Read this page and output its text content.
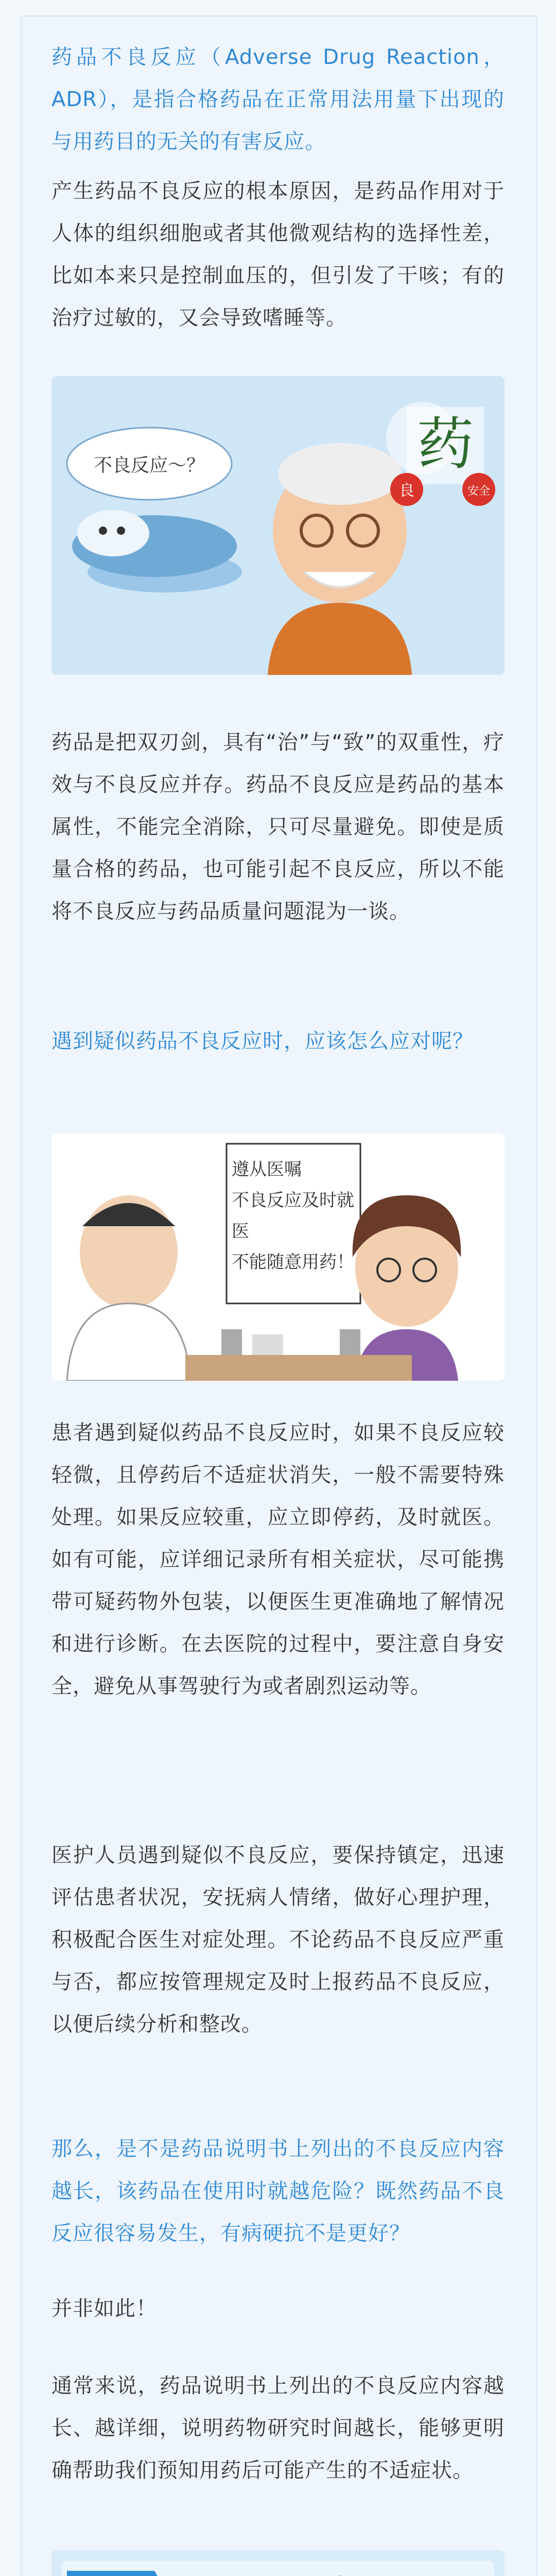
药品不良反应（Adverse Drug Reaction，ADR），是指合格药品在正常用法用量下出现的与用药目的无关的有害反应。

产生药品不良反应的根本原因，是药品作用对于人体的组织细胞或者其他微观结构的选择性差，比如本来只是控制血压的，但引发了干咳；有的治疗过敏的，又会导致嗜睡等。

药
良	安全
不良反应～？

药品是把双刃剑，具有“治”与“致”的双重性，疗效与不良反应并存。药品不良反应是药品的基本属性，不能完全消除，只可尽量避免。即使是质量合格的药品，也可能引起不良反应，所以不能将不良反应与药品质量问题混为一谈。

遇到疑似药品不良反应时，应该怎么应对呢？

遵从医嘱
不良反应及时就医
不能随意用药！

患者遇到疑似药品不良反应时，如果不良反应较轻微，且停药后不适症状消失，一般不需要特殊处理。如果反应较重，应立即停药，及时就医。如有可能，应详细记录所有相关症状，尽可能携带可疑药物外包装，以便医生更准确地了解情况和进行诊断。在去医院的过程中，要注意自身安全，避免从事驾驶行为或者剧烈运动等。

医护人员遇到疑似不良反应，要保持镇定，迅速评估患者状况，安抚病人情绪，做好心理护理，积极配合医生对症处理。不论药品不良反应严重与否，都应按管理规定及时上报药品不良反应，以便后续分析和整改。

那么，是不是药品说明书上列出的不良反应内容越长，该药品在使用时就越危险？既然药品不良反应很容易发生，有病硬抗不是更好？

并非如此！

通常来说，药品说明书上列出的不良反应内容越长、越详细，说明药物研究时间越长，能够更明确帮助我们预知用药后可能产生的不适症状。
